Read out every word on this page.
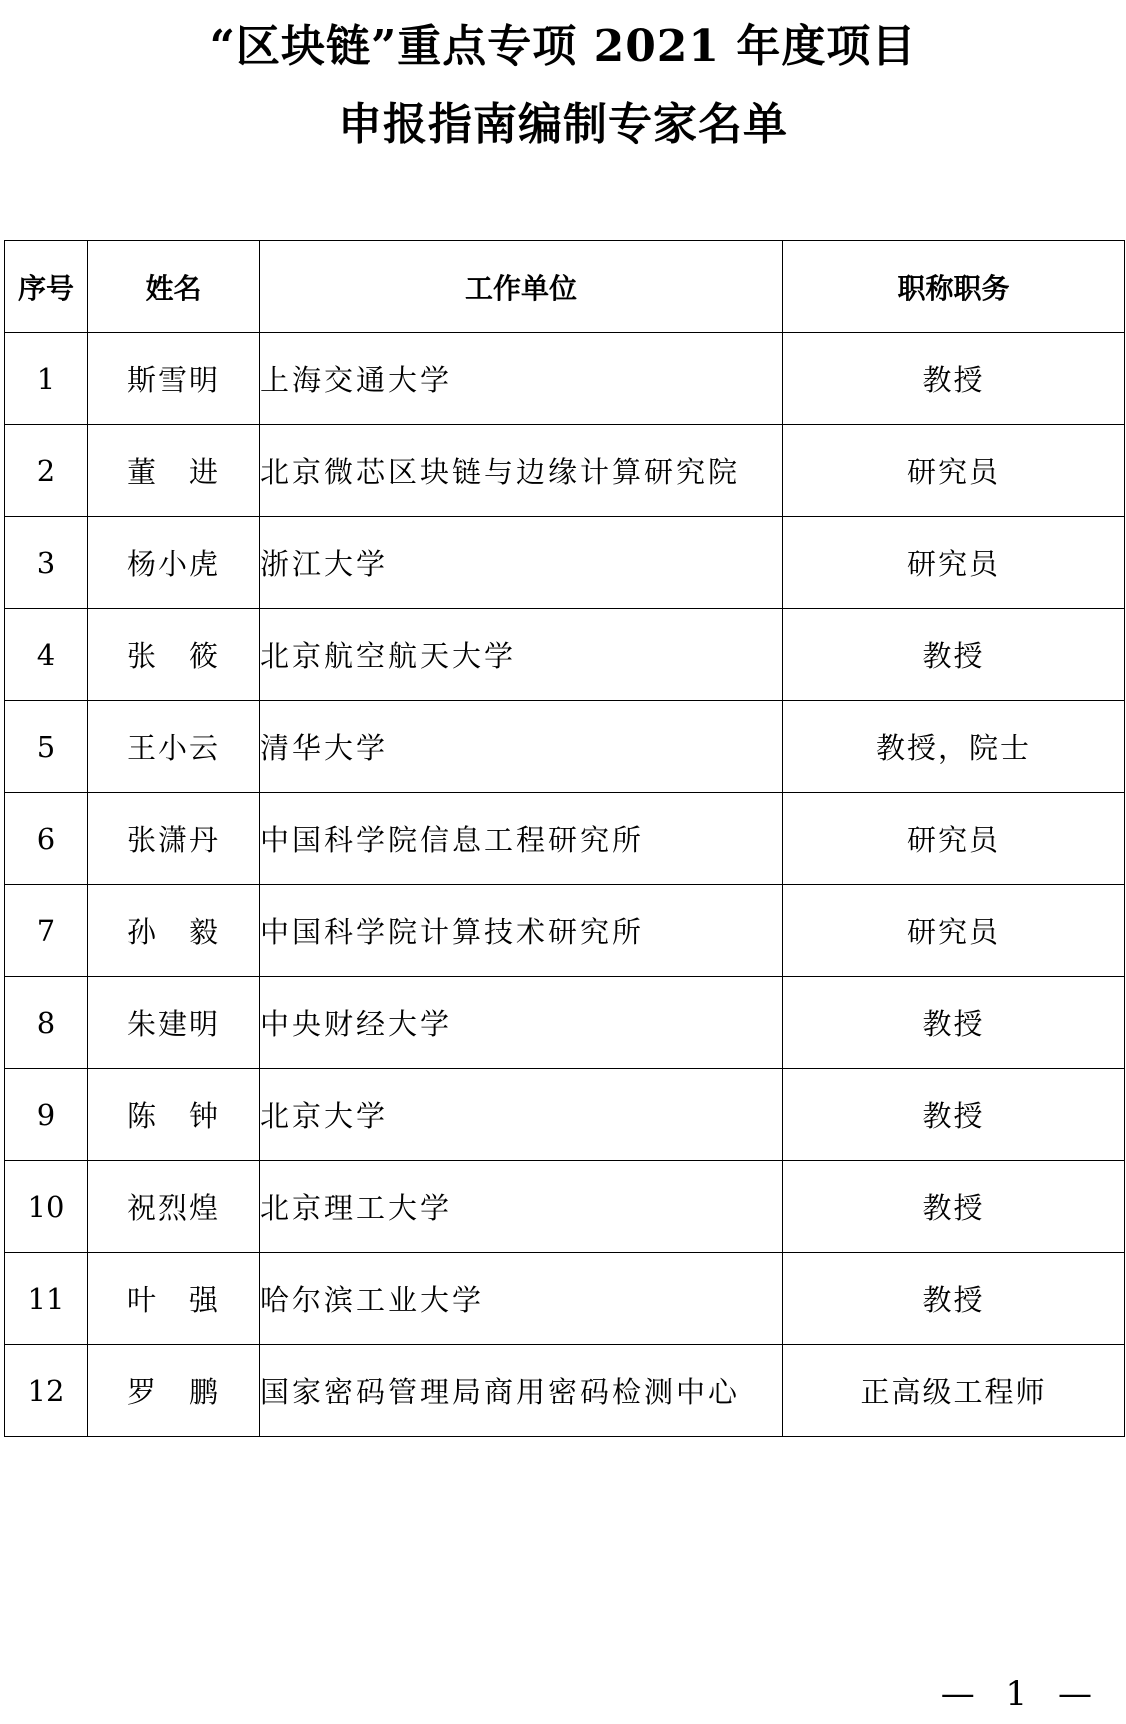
“区块链”重点专项 2021 年度项目
申报指南编制专家名单
序号	姓名	工作单位	职称职务
1	斯雪明	上海交通大学	教授
2	董　进	北京微芯区块链与边缘计算研究院	研究员
3	杨小虎	浙江大学	研究员
4	张　筱	北京航空航天大学	教授
5	王小云	清华大学	教授，院士
6	张潇丹	中国科学院信息工程研究所	研究员
7	孙　毅	中国科学院计算技术研究所	研究员
8	朱建明	中央财经大学	教授
9	陈　钟	北京大学	教授
10	祝烈煌	北京理工大学	教授
11	叶　强	哈尔滨工业大学	教授
12	罗　鹏	国家密码管理局商用密码检测中心	正高级工程师
— 1 —
